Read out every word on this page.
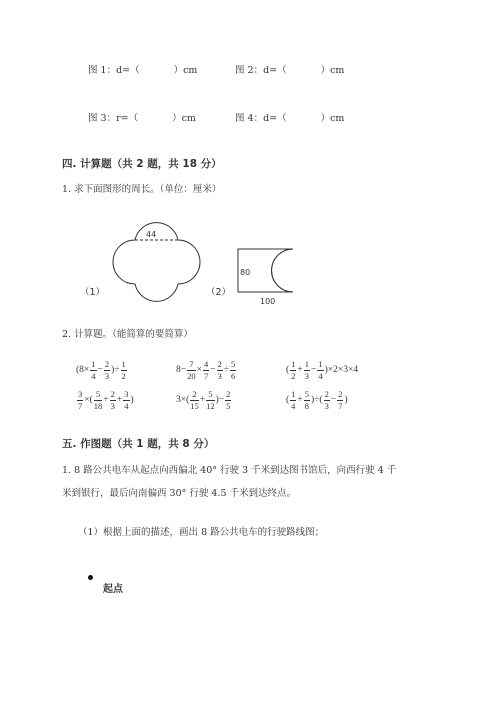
图 1：d=（	）cm	图 2：d=（	）cm
图 3：r=（	）cm	图 4：d=（	）cm
四. 计算题（共 2 题，共 18 分）
1. 求下面图形的周长。（单位：厘米）
44
（1）
80
100
（2）
2. 计算题。（能简算的要简算）
($8\times \frac{1}{4} - \frac{2}{3}$ )÷ $\frac{1}{2}$	$8- \frac{7}{20} \times \frac{4}{7} - \frac{2}{3} \div \frac{5}{6}$	( $\frac{1}{2} + \frac{1}{3} - \frac{1}{4} )\times 2\times 3\times 4$
$\frac{3}{7}$ ×( $\frac{5}{18} + \frac{2}{3} + \frac{3}{4}$ )	$3\times( \frac{2}{15} + \frac{5}{12}$ )− $\frac{2}{5}$	( $\frac{1}{4} + \frac{5}{8}$ )÷( $\frac{2}{3} - \frac{2}{7}$ )
五. 作图题（共 1 题，共 8 分）
1. 8 路公共电车从起点向西偏北 40° 行驶 3 千米到达图书馆后，向西行驶 4 千
米到银行，最后向南偏西 30° 行驶 4.5 千米到达终点。
（1）根据上面的描述，画出 8 路公共电车的行驶路线图；
起点
